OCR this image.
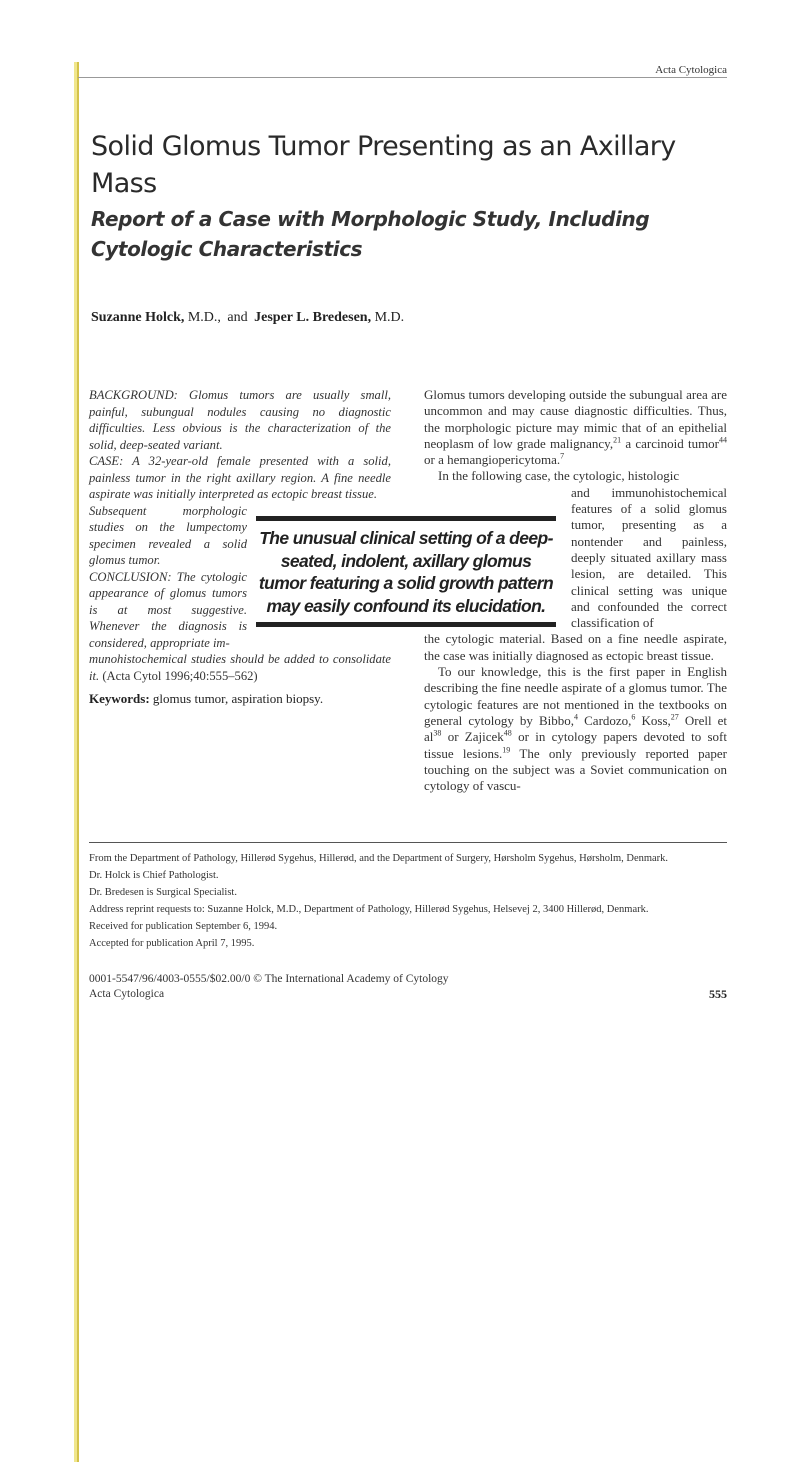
Acta Cytologica
Solid Glomus Tumor Presenting as an Axillary Mass
Report of a Case with Morphologic Study, Including Cytologic Characteristics
Suzanne Holck, M.D., and Jesper L. Bredesen, M.D.

BACKGROUND: Glomus tumors are usually small, painful, subungual nodules causing no diagnostic difficulties. Less obvious is the characterization of the solid, deep-seated variant.

CASE: A 32-year-old female presented with a solid, painless tumor in the right axillary region. A fine needle aspirate was initially interpreted as ectopic breast tissue.

Subsequent morphologic studies on the lumpectomy specimen revealed a solid glomus tumor.

CONCLUSION: The cytologic appearance of glomus tumors is at most suggestive. Whenever the diagnosis is considered, appropriate im-

munohistochemical studies should be added to consolidate it. (Acta Cytol 1996;40:555–562)

Keywords: glomus tumor, aspiration biopsy.

Glomus tumors developing outside the subungual area are uncommon and may cause diagnostic difficulties. Thus, the morphologic picture may mimic that of an epithelial neoplasm of low grade malignancy,$^{21}$ a carcinoid tumor$^{44}$ or a hemangiopericytoma.$^7$

In the following case, the cytologic, histologic

and immunohistochemical features of a solid glomus tumor, presenting as a nontender and painless, deeply situated axillary mass lesion, are detailed. This clinical setting was unique and confounded the correct classification of

the cytologic material. Based on a fine needle aspirate, the case was initially diagnosed as ectopic breast tissue.

To our knowledge, this is the first paper in English describing the fine needle aspirate of a glomus tumor. The cytologic features are not mentioned in the textbooks on general cytology by Bibbo,$^4$ Cardozo,$^6$ Koss,$^{27}$ Orell et $al^{38}$ or Zajicek$^{48}$ or in cytology papers devoted to soft tissue lesions.$^{19}$ The only previously reported paper touching on the subject was a Soviet communication on cytology of vascu-

The unusual clinical setting of a deep-seated, indolent, axillary glomus tumor featuring a solid growth pattern may easily confound its elucidation.

From the Department of Pathology, Hillerød Sygehus, Hillerød, and the Department of Surgery, Hørsholm Sygehus, Hørsholm, Denmark.

Dr. Holck is Chief Pathologist.

Dr. Bredesen is Surgical Specialist.

Address reprint requests to: Suzanne Holck, M.D., Department of Pathology, Hillerød Sygehus, Helsevej 2, 3400 Hillerød, Denmark.

Received for publication September 6, 1994.

Accepted for publication April 7, 1995.

0001-5547/96/4003-0555/$02.00/0 © The International Academy of Cytology

Acta Cytologica	555
